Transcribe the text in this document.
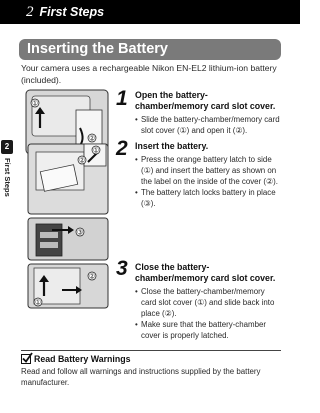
2 First Steps
Inserting the Battery
Your camera uses a rechargeable Nikon EN-EL2 lithium-ion battery (included).
2
First Steps
①
②
①
②
③
①
②
1 Open the battery-chamber/memory card slot cover.
• Slide the battery-chamber/memory card slot cover (①) and open it (②).
2 Insert the battery.
• Press the orange battery latch to side (①) and insert the battery as shown on the label on the inside of the cover (②).
• The battery latch locks battery in place (③).
3 Close the battery-chamber/memory card slot cover.
• Close the battery-chamber/memory card slot cover (①) and slide back into place (②).
• Make sure that the battery-chamber cover is properly latched.
Read Battery Warnings
Read and follow all warnings and instructions supplied by the battery manufacturer.
